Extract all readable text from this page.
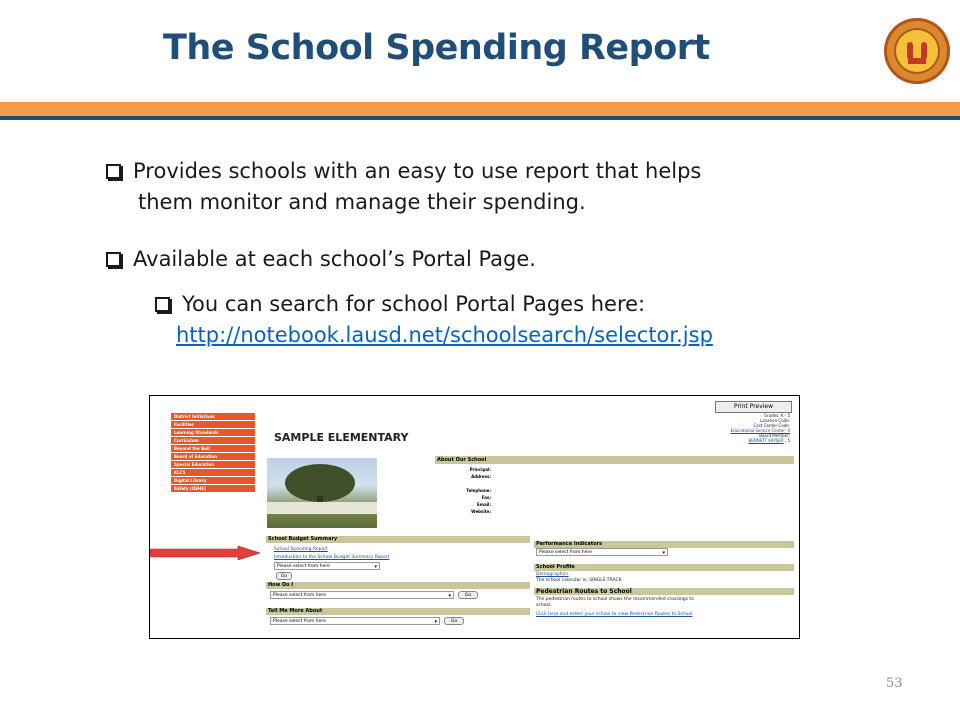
The School Spending Report
Provides schools with an easy to use report that helps
them monitor and manage their spending.
Available at each school’s Portal Page.
You can search for school Portal Pages here:
http://notebook.lausd.net/schoolsearch/selector.jsp
Print Preview
District Initiatives
Facilities
Learning Standards
Curriculum
Beyond the Bell
Board of Education
Special Education
KLCS
Digital Library
Safety (OEHS)
SAMPLE ELEMENTARY
Grades: K - 5
Location Code:
Cost Center Code:
Educational Service Center: S
Board Member:
BENNETT KAYSER , 5
About Our School
Principal:
Address:
Telephone:
Fax:
Email:
Website:
School Budget Summary
School Spending Report
Introduction to the School Budget Summary Report
Please select from here ▾
Go
How Do I
Please select from here ▾	Go
Tell Me More About
Please select from here ▾	Go
Performance Indicators
Please select from here ▾
School Profile
Demographics
The school calendar is: SINGLE-TRACK
Pedestrian Routes to School
The pedestrian routes to school shows the recommended crossings to
school.
Click here and select your school to view Pedestrian Routes to School
53
